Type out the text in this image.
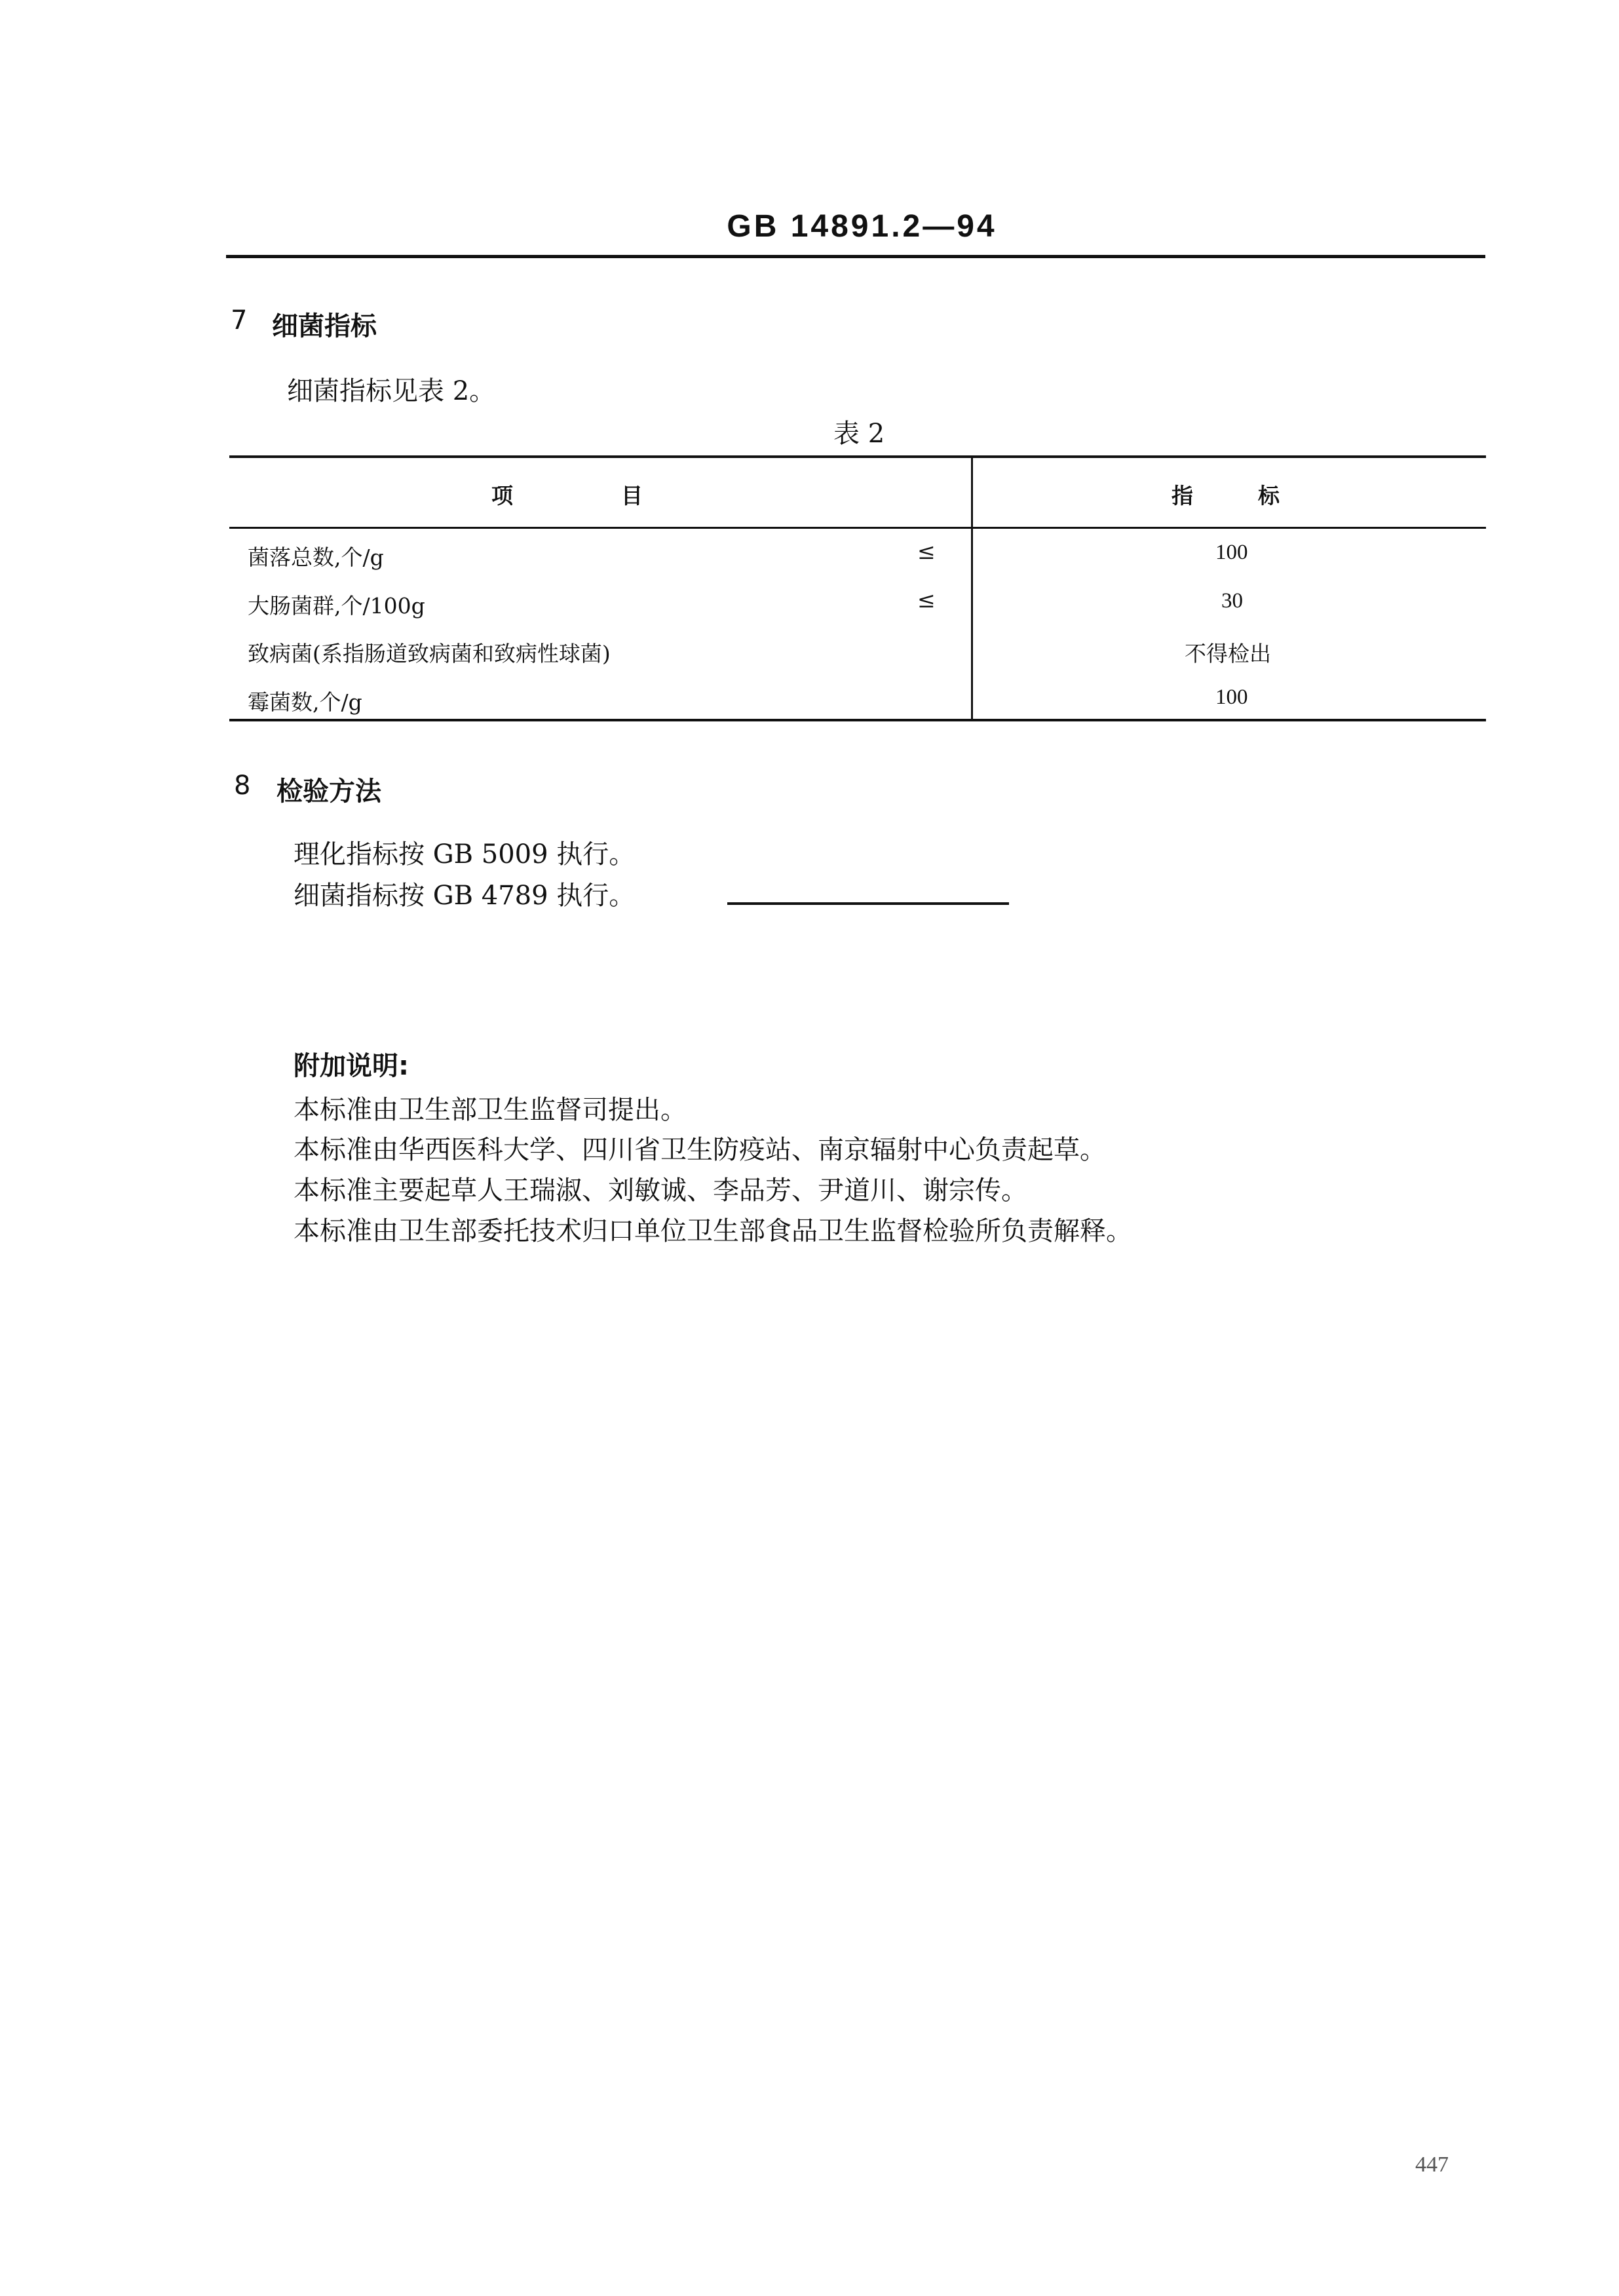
GB 14891.2—94
7 细菌指标
细菌指标见表 2。
表 2
项　　　　　目	指　　　标
菌落总数,个/g	≤	100
大肠菌群,个/100g	≤	30
致病菌(系指肠道致病菌和致病性球菌)	不得检出
霉菌数,个/g	100
8 检验方法
理化指标按 GB 5009 执行。
细菌指标按 GB 4789 执行。
附加说明:
本标准由卫生部卫生监督司提出。
本标准由华西医科大学、四川省卫生防疫站、南京辐射中心负责起草。
本标准主要起草人王瑞淑、刘敏诚、李品芳、尹道川、谢宗传。
本标准由卫生部委托技术归口单位卫生部食品卫生监督检验所负责解释。
447
